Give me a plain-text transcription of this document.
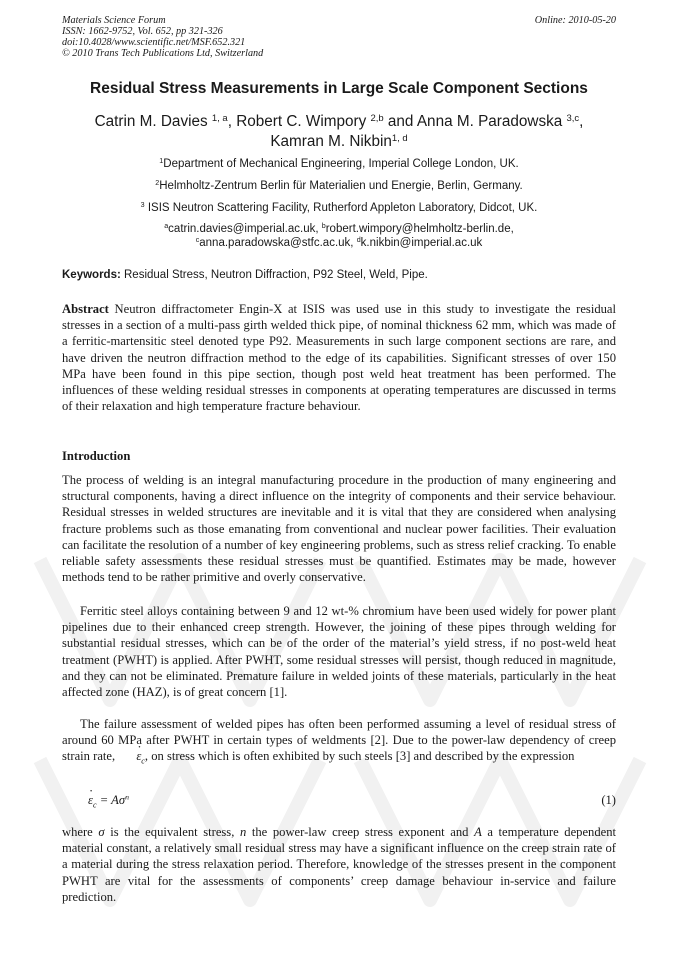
Materials Science Forum
ISSN: 1662-9752, Vol. 652, pp 321-326
doi:10.4028/www.scientific.net/MSF.652.321
© 2010 Trans Tech Publications Ltd, Switzerland
Online: 2010-05-20
Residual Stress Measurements in Large Scale Component Sections
Catrin M. Davies $^{1, a}$, Robert C. Wimpory $^{2,b}$ and Anna M. Paradowska $^{3,c}$,
Kamran M. Nikbin$^{1, d}$
$^1$Department of Mechanical Engineering, Imperial College London, UK.
$^2$Helmholtz-Zentrum Berlin für Materialien und Energie, Berlin, Germany.
$^3$ ISIS Neutron Scattering Facility, Rutherford Appleton Laboratory, Didcot, UK.
$^a$catrin.davies@imperial.ac.uk, $^b$robert.wimpory@helmholtz-berlin.de,
$^c$anna.paradowska@stfc.ac.uk, $^d$k.nikbin@imperial.ac.uk
Keywords: Residual Stress, Neutron Diffraction, P92 Steel, Weld, Pipe.

Abstract Neutron diffractometer Engin-X at ISIS was used use in this study to investigate the residual stresses in a section of a multi-pass girth welded thick pipe, of nominal thickness 62 mm, which was made of a ferritic-martensitic steel denoted type P92. Measurements in such large component sections are rare, and have driven the neutron diffraction method to the edge of its capabilities. Significant stresses of over 150 MPa have been found in this pipe section, though post weld heat treatment has been performed. The influences of these welding residual stresses in components at operating temperatures are discussed in terms of their relaxation and high temperature fracture behaviour.

Introduction

The process of welding is an integral manufacturing procedure in the production of many engineering and structural components, having a direct influence on the integrity of components and their service behaviour. Residual stresses in welded structures are inevitable and it is vital that they are considered when analysing fracture problems such as those emanating from conventional and nuclear power facilities. Their evaluation can facilitate the resolution of a number of key engineering problems, such as stress relief cracking. To enable reliable safety assessments these residual stresses must be quantified. Estimates may be made, however methods tend to be rather primitive and overly conservative.

Ferritic steel alloys containing between 9 and 12 wt-% chromium have been used widely for power plant pipelines due to their enhanced creep strength. However, the joining of these pipes through welding for substantial residual stresses, which can be of the order of the material’s yield stress, if no post-weld heat treatment (PWHT) is applied. After PWHT, some residual stresses will persist, though reduced in magnitude, and they can not be eliminated. Premature failure in welded joints of these materials, particularly in the heat affected zone (HAZ), is of great concern [1].

The failure assessment of welded pipes has often been performed assuming a level of residual stress of around 60 MPa after PWHT in certain types of weldments [2]. Due to the power-law dependency of creep strain rate, · $\varepsilon_c$, on stress which is often exhibited by such steels [3] and described by the expression

· $\varepsilon_c = A\sigma^n$	(1)

where σ is the equivalent stress, n the power-law creep stress exponent and A a temperature dependent material constant, a relatively small residual stress may have a significant influence on the creep strain rate of a material during the stress relaxation period. Therefore, knowledge of the stresses present in the component PWHT are vital for the assessments of components’ creep damage behaviour in-service and failure prediction.
